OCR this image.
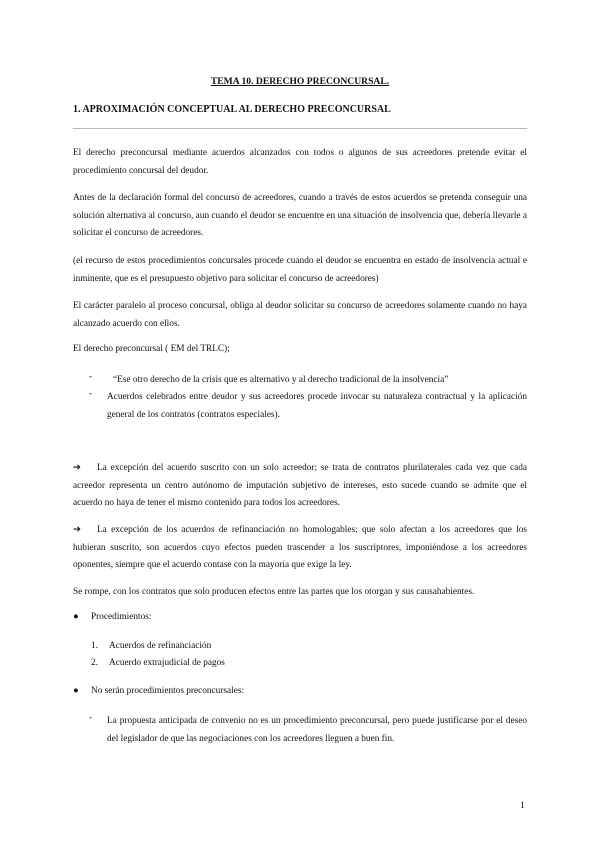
TEMA 10. DERECHO PRECONCURSAL.
1. APROXIMACIÓN CONCEPTUAL AL DERECHO PRECONCURSAL
El derecho preconcursal mediante acuerdos alcanzados con todos o algunos de sus acreedores pretende evitar el procedimiento concursal del deudor.
Antes de la declaración formal del concurso de acreedores, cuando a través de estos acuerdos se pretenda conseguir una solución alternativa al concurso, aun cuando el deudor se encuentre en una situación de insolvencia que, debería llevarle a solicitar el concurso de acreedores.
(el recurso de estos procedimientos concursales procede cuando el deudor se encuentra en estado de insolvencia actual e inminente, que es el presupuesto objetivo para solicitar el concurso de acreedores)
El carácter paralelo al proceso concursal, obliga al deudor solicitar su concurso de acreedores solamente cuando no haya alcanzado acuerdo con ellos.
El derecho preconcursal ( EM del TRLC);
-	“Ese otro derecho de la crisis que es alternativo y al derecho tradicional de la insolvencia”
- Acuerdos celebrados entre deudor y sus acreedores procede invocar su naturaleza contractual y la aplicación general de los contratos (contratos especiales).
➔ La excepción del acuerdo suscrito con un solo acreedor; se trata de contratos plurilaterales cada vez que cada acreedor representa un centro autónomo de imputación subjetivo de intereses, esto sucede cuando se admite que el acuerdo no haya de tener el mismo contenido para todos los acreedores.
➔ La excepción de los acuerdos de refinanciación no homologables; que solo afectan a los acreedores que los hubieran suscrito, son acuerdos cuyo efectos pueden trascender a los suscriptores, imponiéndose a los acreedores oponentes, siempre que el acuerdo contase con la mayoría que exige la ley.
Se rompe, con los contratos que solo producen efectos entre las partes que los otorgan y sus causahabientes.
● Procedimientos:
1. Acuerdos de refinanciación
2. Acuerdo extrajudicial de pagos
● No serán procedimientos preconcursales:
- La propuesta anticipada de convenio no es un procedimiento preconcursal, pero puede justificarse por el deseo del legislador de que las negociaciones con los acreedores lleguen a buen fin.
1
